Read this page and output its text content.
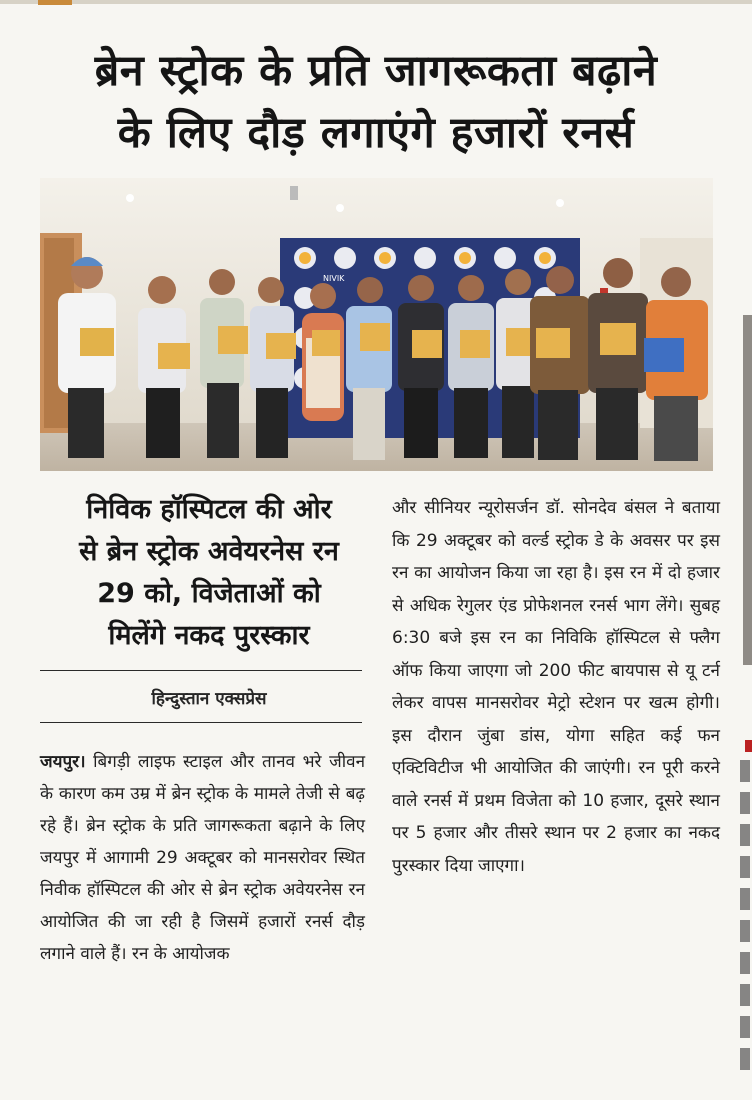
ब्रेन स्ट्रोक के प्रति जागरूकता बढ़ाने
के लिए दौड़ लगाएंगे हजारों रनर्स
NIVIK
निविक हॉस्पिटल की ओर
से ब्रेन स्ट्रोक अवेयरनेस रन
29 को, विजेताओं को
मिलेंगे नकद पुरस्कार
हिन्दुस्तान एक्सप्रेस
जयपुर। बिगड़ी लाइफ स्टाइल और तानव भरे जीवन के कारण कम उम्र में ब्रेन स्ट्रोक के मामले तेजी से बढ़ रहे हैं। ब्रेन स्ट्रोक के प्रति जागरूकता बढ़ाने के लिए जयपुर में आगामी 29 अक्टूबर को मानसरोवर स्थित निवीक हॉस्पिटल की ओर से ब्रेन स्ट्रोक अवेयरनेस रन आयोजित की जा रही है जिसमें हजारों रनर्स दौड़ लगाने वाले हैं। रन के आयोजक
और सीनियर न्यूरोसर्जन डॉ. सोनदेव बंसल ने बताया कि 29 अक्टूबर को वर्ल्ड स्ट्रोक डे के अवसर पर इस रन का आयोजन किया जा रहा है। इस रन में दो हजार से अधिक रेगुलर एंड प्रोफेशनल रनर्स भाग लेंगे। सुबह 6:30 बजे इस रन का निविकि हॉस्पिटल से फ्लैग ऑफ किया जाएगा जो 200 फीट बायपास से यू टर्न लेकर वापस मानसरोवर मेट्रो स्टेशन पर खत्म होगी। इस दौरान जुंबा डांस, योगा सहित कई फन एक्टिविटीज भी आयोजित की जाएंगी। रन पूरी करने वाले रनर्स में प्रथम विजेता को 10 हजार, दूसरे स्थान पर 5 हजार और तीसरे स्थान पर 2 हजार का नकद पुरस्कार दिया जाएगा।
